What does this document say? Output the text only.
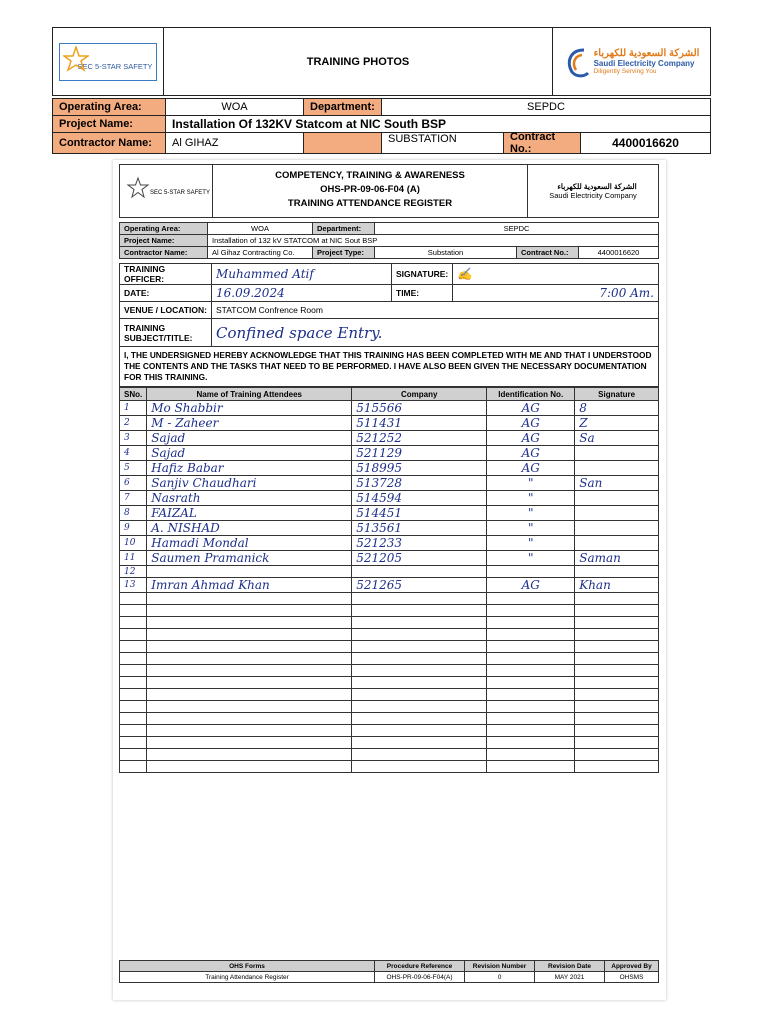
SEC 5-STAR SAFETY	TRAINING PHOTOS
الشركة السعودية للكهرباء
Saudi Electricity Company
Diligently Serving You
Operating Area:	WOA	Department:	SEPDC	
Project Name:	Installation Of 132KV Statcom at NIC South BSP			
Contractor Name:	Al GIHAZ		SUBSTATION	Contract No.: 4400016620
SEC 5-STAR SAFETY
COMPETENCY, TRAINING & AWARENESS
OHS-PR-09-06-F04 (A)
TRAINING ATTENDANCE REGISTER
الشركة السعودية للكهرباء
Saudi Electricity Company
Operating Area:	WOA	Department:	SEPDC		
Project Name:	Installation of 132 kV STATCOM at NIC Sout BSP				
Contractor Name:	Al Gihaz Contracting Co.	Project Type:	Substation	Contract No.:	4400016620
TRAINING OFFICER:	Muhammed Atif	SIGNATURE:	✍
DATE:	16.09.2024	TIME:	7:00 Am.
VENUE / LOCATION:	STATCOM Confrence Room		
TRAINING SUBJECT/TITLE:	Confined space Entry.		
I, THE UNDERSIGNED HEREBY ACKNOWLEDGE THAT THIS TRAINING HAS BEEN COMPLETED WITH ME AND THAT I UNDERSTOOD THE CONTENTS AND THE TASKS THAT NEED TO BE PERFORMED. I HAVE ALSO BEEN GIVEN THE NECESSARY DOCUMENTATION FOR THIS TRAINING.			
SNo.	Name of Training Attendees	Company	Identification No.	Signature
1	Mo Shabbir	515566	AG	8
2	M - Zaheer	511431	AG	Z
3	Sajad	521252	AG	Sa
4	Sajad	521129	AG	
5	Hafiz Babar	518995	AG	
6	Sanjiv Chaudhari	513728	"	San
7	Nasrath	514594	"	
8	FAIZAL	514451	"	
9	A. NISHAD	513561	"	
10	Hamadi Mondal	521233	"	
11	Saumen Pramanick	521205	"	Saman
12				
13	Imran Ahmad Khan	521265	AG	Khan

OHS Forms	Procedure Reference	Revision Number	Revision Date	Approved By
Training Attendance Register	OHS-PR-09-06-F04(A)	0	MAY 2021	OHSMS
